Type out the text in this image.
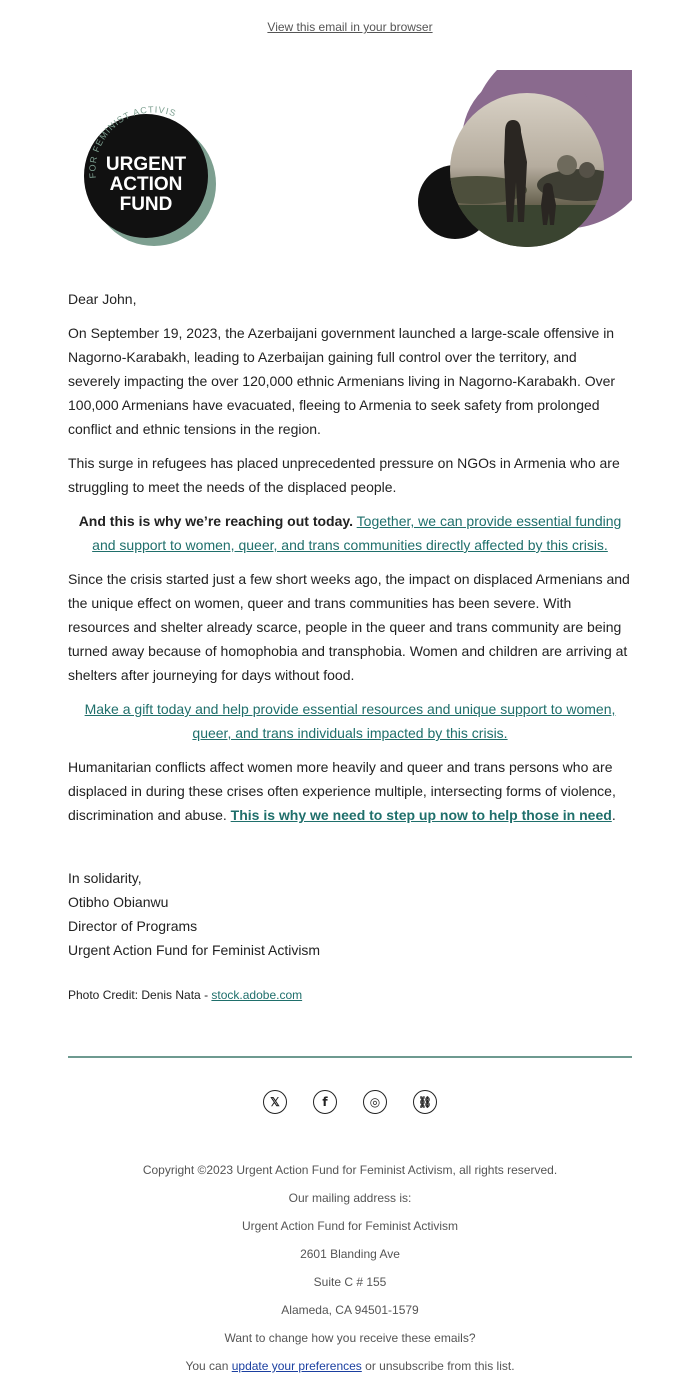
View this email in your browser
FOR FEMINIST ACTIVIS
URGENT
ACTION
FUND

Dear John,

On September 19, 2023, the Azerbaijani government launched a large-scale offensive in Nagorno-Karabakh, leading to Azerbaijan gaining full control over the territory, and severely impacting the over 120,000 ethnic Armenians living in Nagorno-Karabakh. Over 100,000 Armenians have evacuated, fleeing to Armenia to seek safety from prolonged conflict and ethnic tensions in the region.

This surge in refugees has placed unprecedented pressure on NGOs in Armenia who are struggling to meet the needs of the displaced people.

And this is why we’re reaching out today. Together, we can provide essential funding and support to women, queer, and trans communities directly affected by this crisis.

Since the crisis started just a few short weeks ago, the impact on displaced Armenians and the unique effect on women, queer and trans communities has been severe. With resources and shelter already scarce, people in the queer and trans community are being turned away because of homophobia and transphobia. Women and children are arriving at shelters after journeying for days without food.

Make a gift today and help provide essential resources and unique support to women, queer, and trans individuals impacted by this crisis.

Humanitarian conflicts affect women more heavily and queer and trans persons who are displaced in during these crises often experience multiple, intersecting forms of violence, discrimination and abuse. This is why we need to step up now to help those in need.

In solidarity,
Otibho Obianwu
Director of Programs
Urgent Action Fund for Feminist Activism
Photo Credit: Denis Nata - stock.adobe.com
𝕏	f	◎	⛓
Copyright ©2023 Urgent Action Fund for Feminist Activism, all rights reserved.
Our mailing address is:
Urgent Action Fund for Feminist Activism
2601 Blanding Ave
Suite C # 155
Alameda, CA 94501-1579
Want to change how you receive these emails?
You can update your preferences or unsubscribe from this list.
